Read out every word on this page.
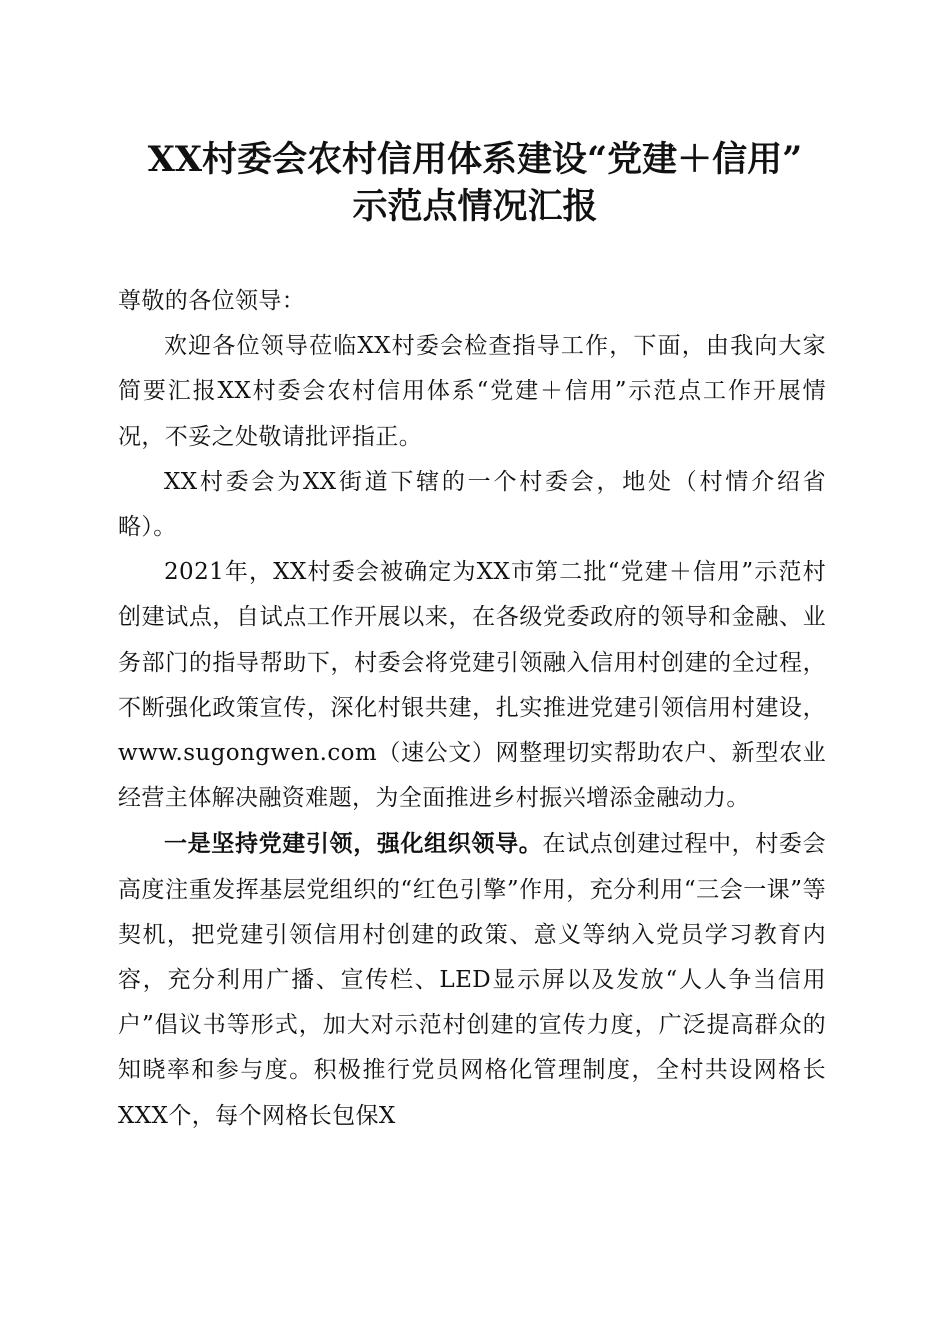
XX村委会农村信用体系建设“党建＋信用”
示范点情况汇报

尊敬的各位领导：

欢迎各位领导莅临XX村委会检查指导工作，下面，由我向大家简要汇报XX村委会农村信用体系“党建＋信用”示范点工作开展情况，不妥之处敬请批评指正。

XX村委会为XX街道下辖的一个村委会，地处（村情介绍省略）。

2021年，XX村委会被确定为XX市第二批“党建＋信用”示范村创建试点，自试点工作开展以来，在各级党委政府的领导和金融、业务部门的指导帮助下，村委会将党建引领融入信用村创建的全过程，不断强化政策宣传，深化村银共建，扎实推进党建引领信用村建设，www.sugongwen.com（速公文）网整理切实帮助农户、新型农业经营主体解决融资难题，为全面推进乡村振兴增添金融动力。

一是坚持党建引领，强化组织领导。在试点创建过程中，村委会高度注重发挥基层党组织的“红色引擎”作用，充分利用“三会一课”等契机，把党建引领信用村创建的政策、意义等纳入党员学习教育内容，充分利用广播、宣传栏、LED显示屏以及发放“人人争当信用户”倡议书等形式，加大对示范村创建的宣传力度，广泛提高群众的知晓率和参与度。积极推行党员网格化管理制度，全村共设网格长XXX个，每个网格长包保X
